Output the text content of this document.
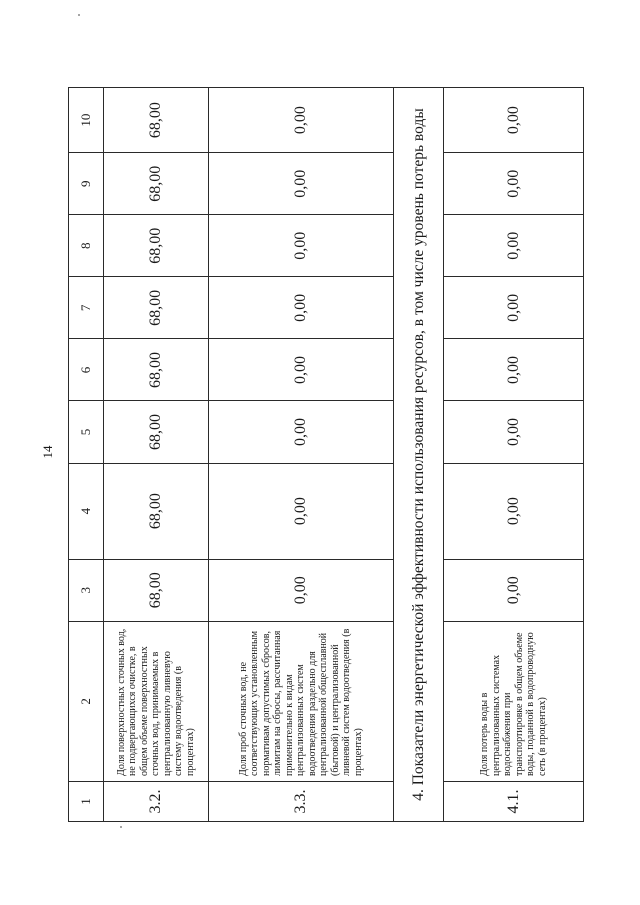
14
1	2	3	4	5	6	7	8	9	10
3.2.	Доля поверхностных сточных вод, не подвергающихся очистке, в общем объеме поверхностных сточных вод, принимаемых в централизованную ливневую систему водоотведения (в процентах)	68,00	68,00	68,00	68,00	68,00	68,00	68,00	68,00
3.3.	Доля проб сточных вод, не соответствующих установленным нормативам допустимых сбросов, лимитам на сбросы, рассчитанная применительно к видам централизованных систем водоотведения раздельно для централизованной общесплавной (бытовой) и централизованной ливневой систем водоотведения (в процентах)	0,00	0,00	0,00	0,00	0,00	0,00	0,00	0,00
4. Показатели энергетической эффективности использования ресурсов, в том числе уровень потерь воды									
4.1.	Доля потерь воды в централизованных системах водоснабжения при транспортировке в общем объеме воды, поданной в водопроводную сеть (в процентах)	0,00	0,00	0,00	0,00	0,00	0,00	0,00	0,00
